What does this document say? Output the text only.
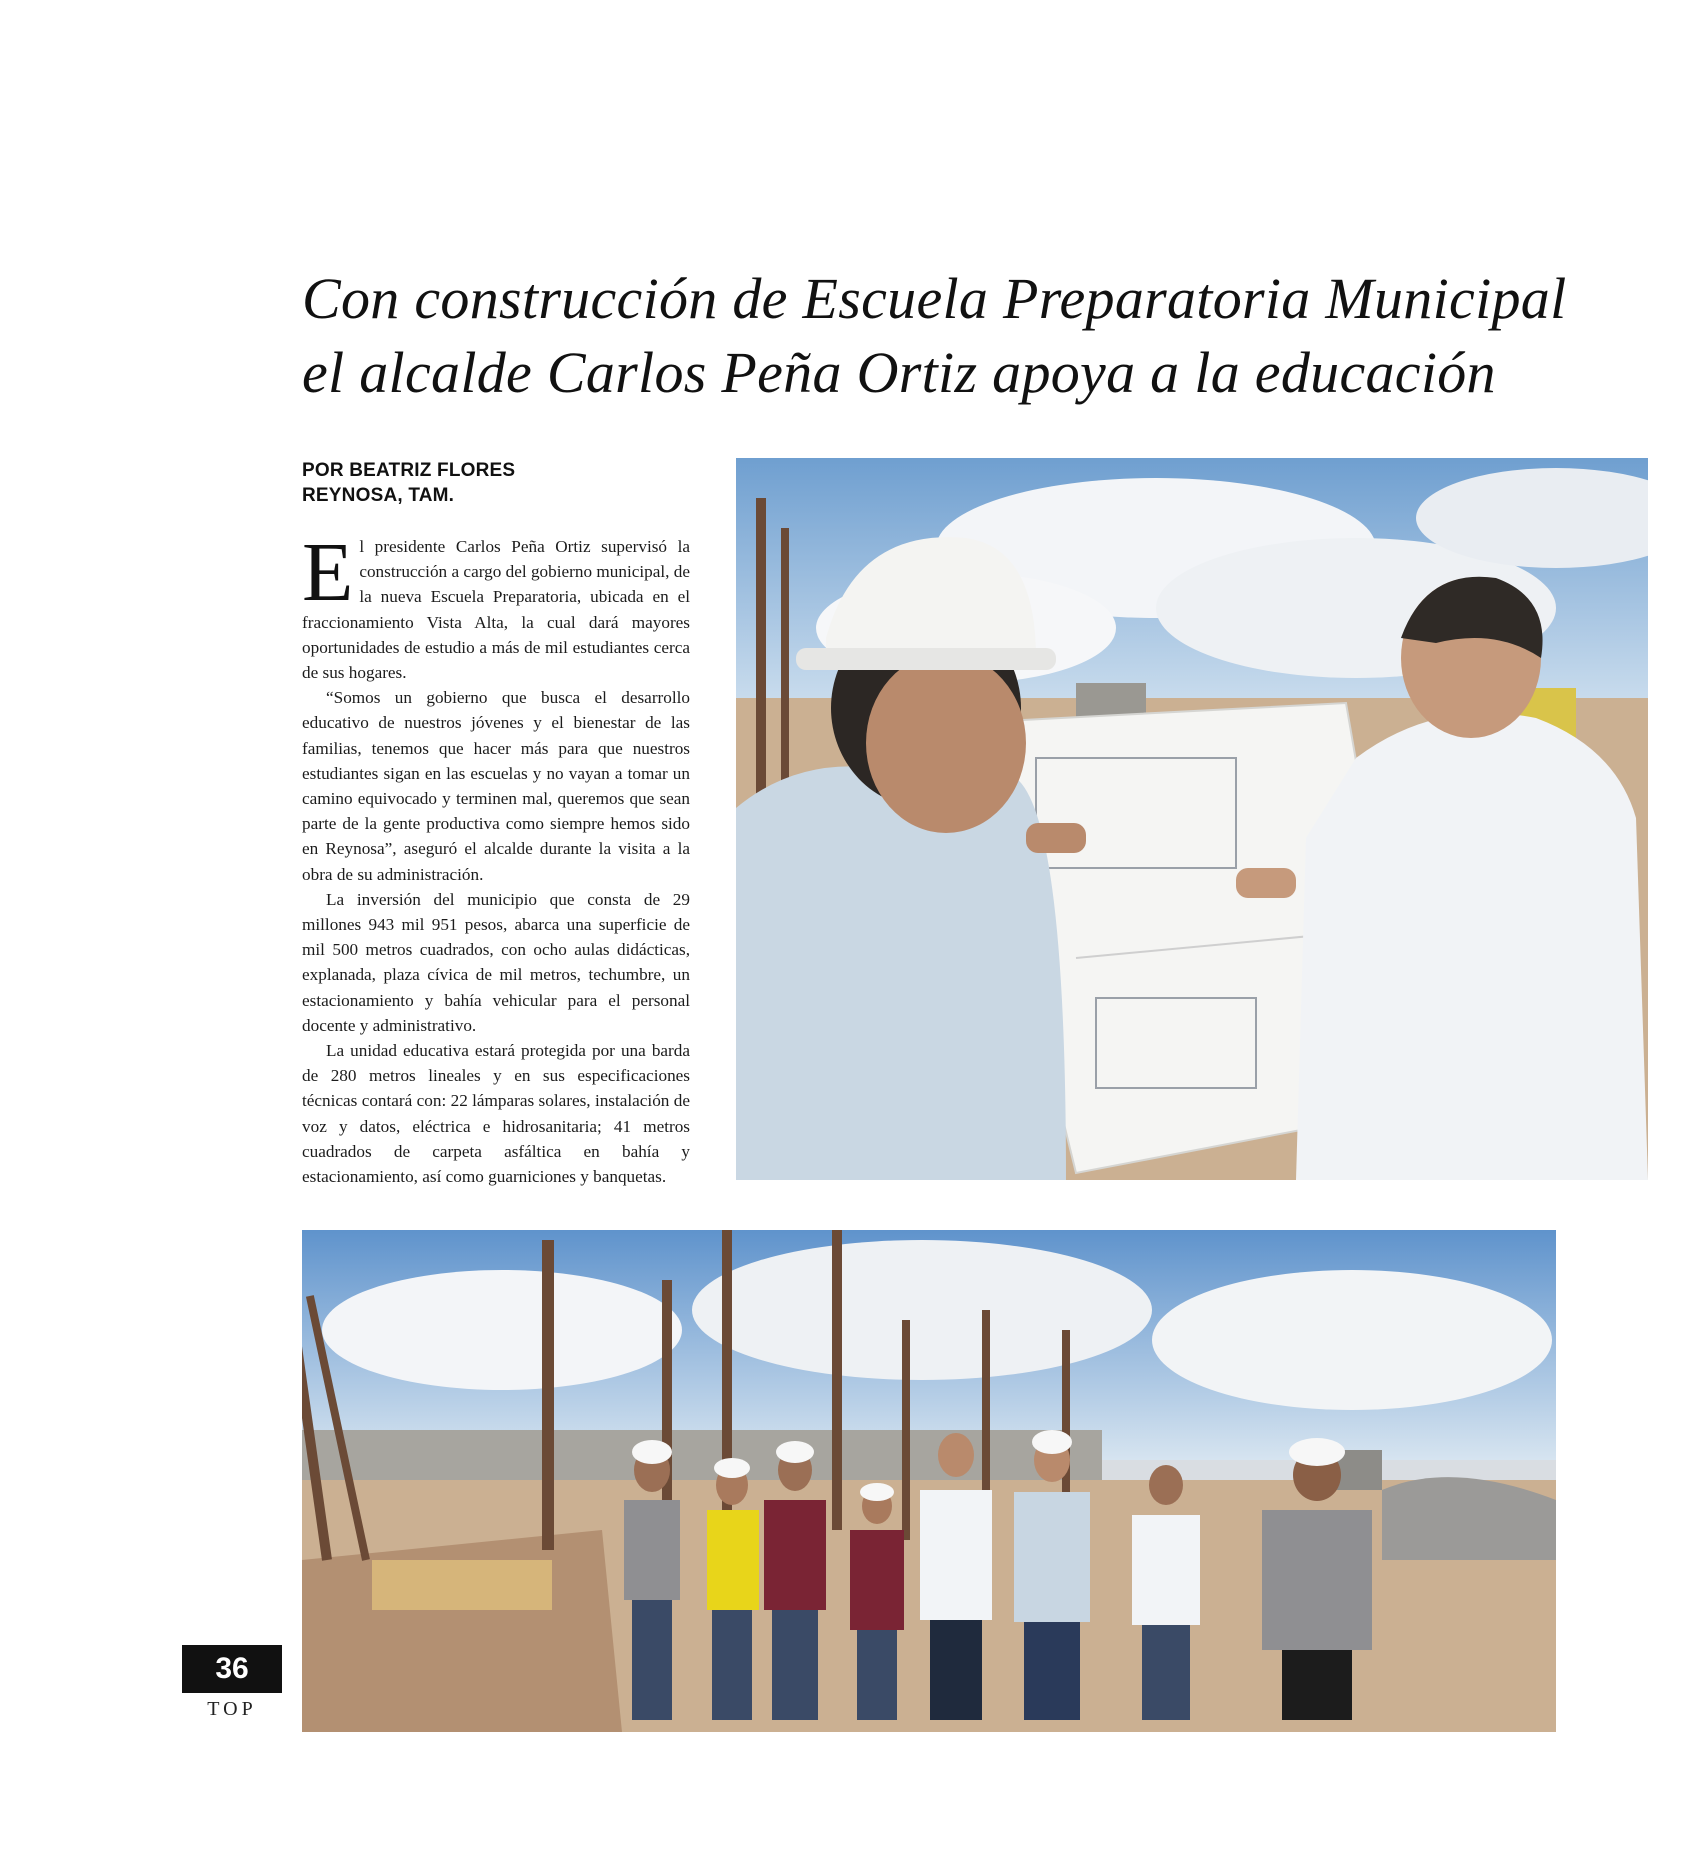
Con construcción de Escuela Preparatoria Municipal
el alcalde Carlos Peña Ortiz apoya a la educación
POR BEATRIZ FLORES
REYNOSA, TAM.

El presidente Carlos Peña Ortiz supervisó la construcción a cargo del gobierno municipal, de la nueva Escuela Preparatoria, ubicada en el fraccionamiento Vista Alta, la cual dará mayores oportunidades de estudio a más de mil estudiantes cerca de sus hogares.

“Somos un gobierno que busca el desarrollo educativo de nuestros jóvenes y el bienestar de las familias, tenemos que hacer más para que nuestros estudiantes sigan en las escuelas y no vayan a tomar un camino equivocado y terminen mal, queremos que sean parte de la gente productiva como siempre hemos sido en Reynosa”, aseguró el alcalde durante la visita a la obra de su administración.

La inversión del municipio que consta de 29 millones 943 mil 951 pesos, abarca una superficie de mil 500 metros cuadrados, con ocho aulas didácticas, explanada, plaza cívica de mil metros, techumbre, un estacionamiento y bahía vehicular para el personal docente y administrativo.

La unidad educativa estará protegida por una barda de 280 metros lineales y en sus especificaciones técnicas contará con: 22 lámparas solares, instalación de voz y datos, eléctrica e hidrosanitaria; 41 metros cuadrados de carpeta asfáltica en bahía y estacionamiento, así como guarniciones y banquetas.

36
TOP
